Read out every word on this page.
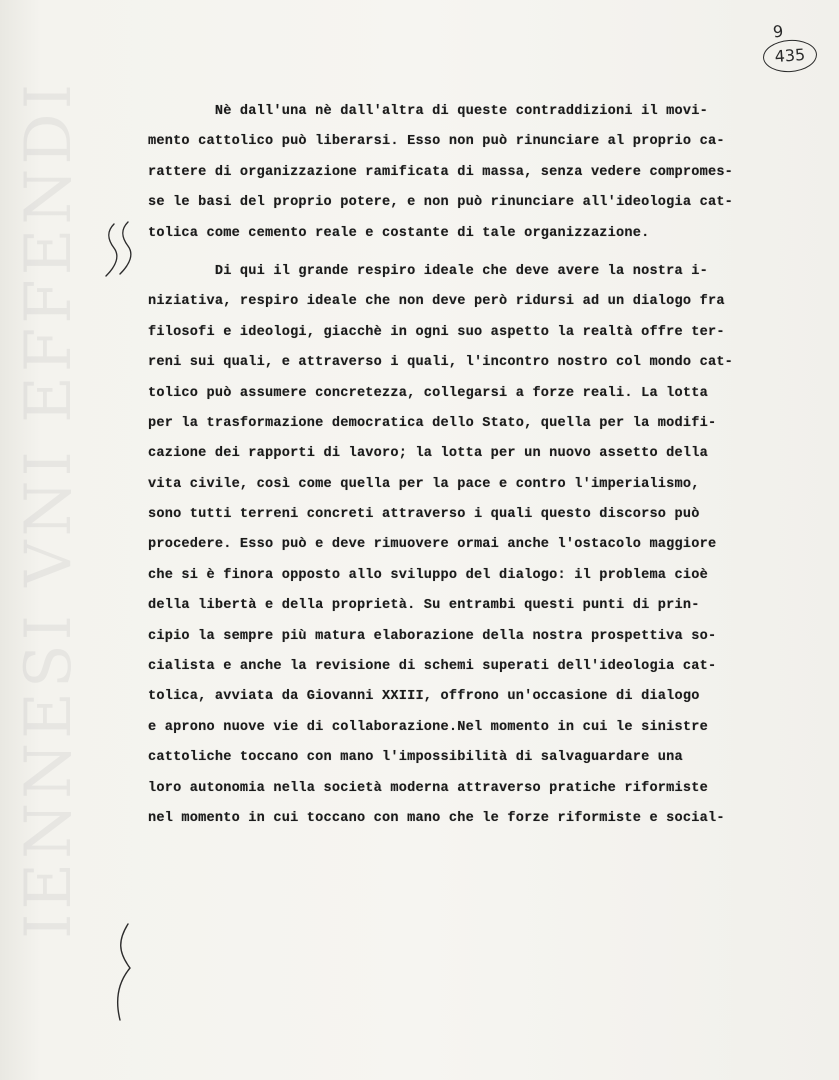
IENNESI VNI EFFENDI
9
435
Nè dall'una nè dall'altra di queste contraddizioni il movi-
mento cattolico può liberarsi. Esso non può rinunciare al proprio ca-
rattere di organizzazione ramificata di massa, senza vedere compromes-
se le basi del proprio potere, e non può rinunciare all'ideologia cat-
tolica come cemento reale e costante di tale organizzazione.
Di qui il grande respiro ideale che deve avere la nostra i-
niziativa, respiro ideale che non deve però ridursi ad un dialogo fra
filosofi e ideologi, giacchè in ogni suo aspetto la realtà offre ter-
reni sui quali, e attraverso i quali, l'incontro nostro col mondo cat-
tolico può assumere concretezza, collegarsi a forze reali. La lotta
per la trasformazione democratica dello Stato, quella per la modifi-
cazione dei rapporti di lavoro; la lotta per un nuovo assetto della
vita civile, così come quella per la pace e contro l'imperialismo,
sono tutti terreni concreti attraverso i quali questo discorso può
procedere. Esso può e deve rimuovere ormai anche l'ostacolo maggiore
che si è finora opposto allo sviluppo del dialogo: il problema cioè
della libertà e della proprietà. Su entrambi questi punti di prin-
cipio la sempre più matura elaborazione della nostra prospettiva so-
cialista e anche la revisione di schemi superati dell'ideologia cat-
tolica, avviata da Giovanni XXIII, offrono un'occasione di dialogo
e aprono nuove vie di collaborazione.Nel momento in cui le sinistre
cattoliche toccano con mano l'impossibilità di salvaguardare una
loro autonomia nella società moderna attraverso pratiche riformiste
nel momento in cui toccano con mano che le forze riformiste e social-
